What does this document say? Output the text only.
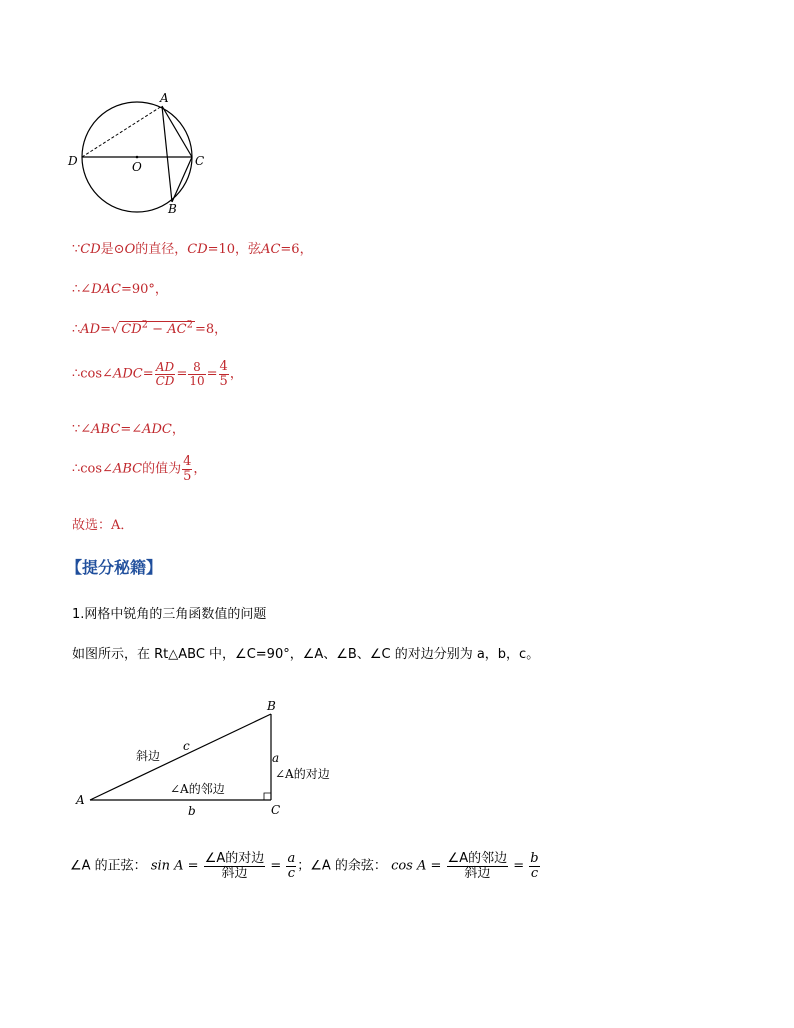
A
D	C
O
B
∵CD是⊙O的直径，CD=10，弦AC=6，
∴∠DAC=90°，
∴AD=√ $CD^2 - AC^2 =8$，
∴cos∠ADC= $\frac{AD}{CD} = \frac{8}{10} = \frac{4}{5}$ ，
∵∠ABC=∠ADC，
∴cos∠ABC的值为 $\frac{4}{5}$ ，
故选：A．
【提分秘籍】
1.网格中锐角的三角函数值的问题
如图所示，在 Rt△ABC 中，∠C=90°，∠A、∠B、∠C 的对边分别为 a，b，c。
A
B
C
c
a
b
斜边
∠A的邻边
∠A的对边
∠A 的正弦： $\sin A = \frac{\text{∠A的对边}}{\text{斜边}} = \frac{a}{c}$ ；∠A 的余弦： $\cos A = \frac{\text{∠A的邻边}}{\text{斜边}} = \frac{b}{c}$
